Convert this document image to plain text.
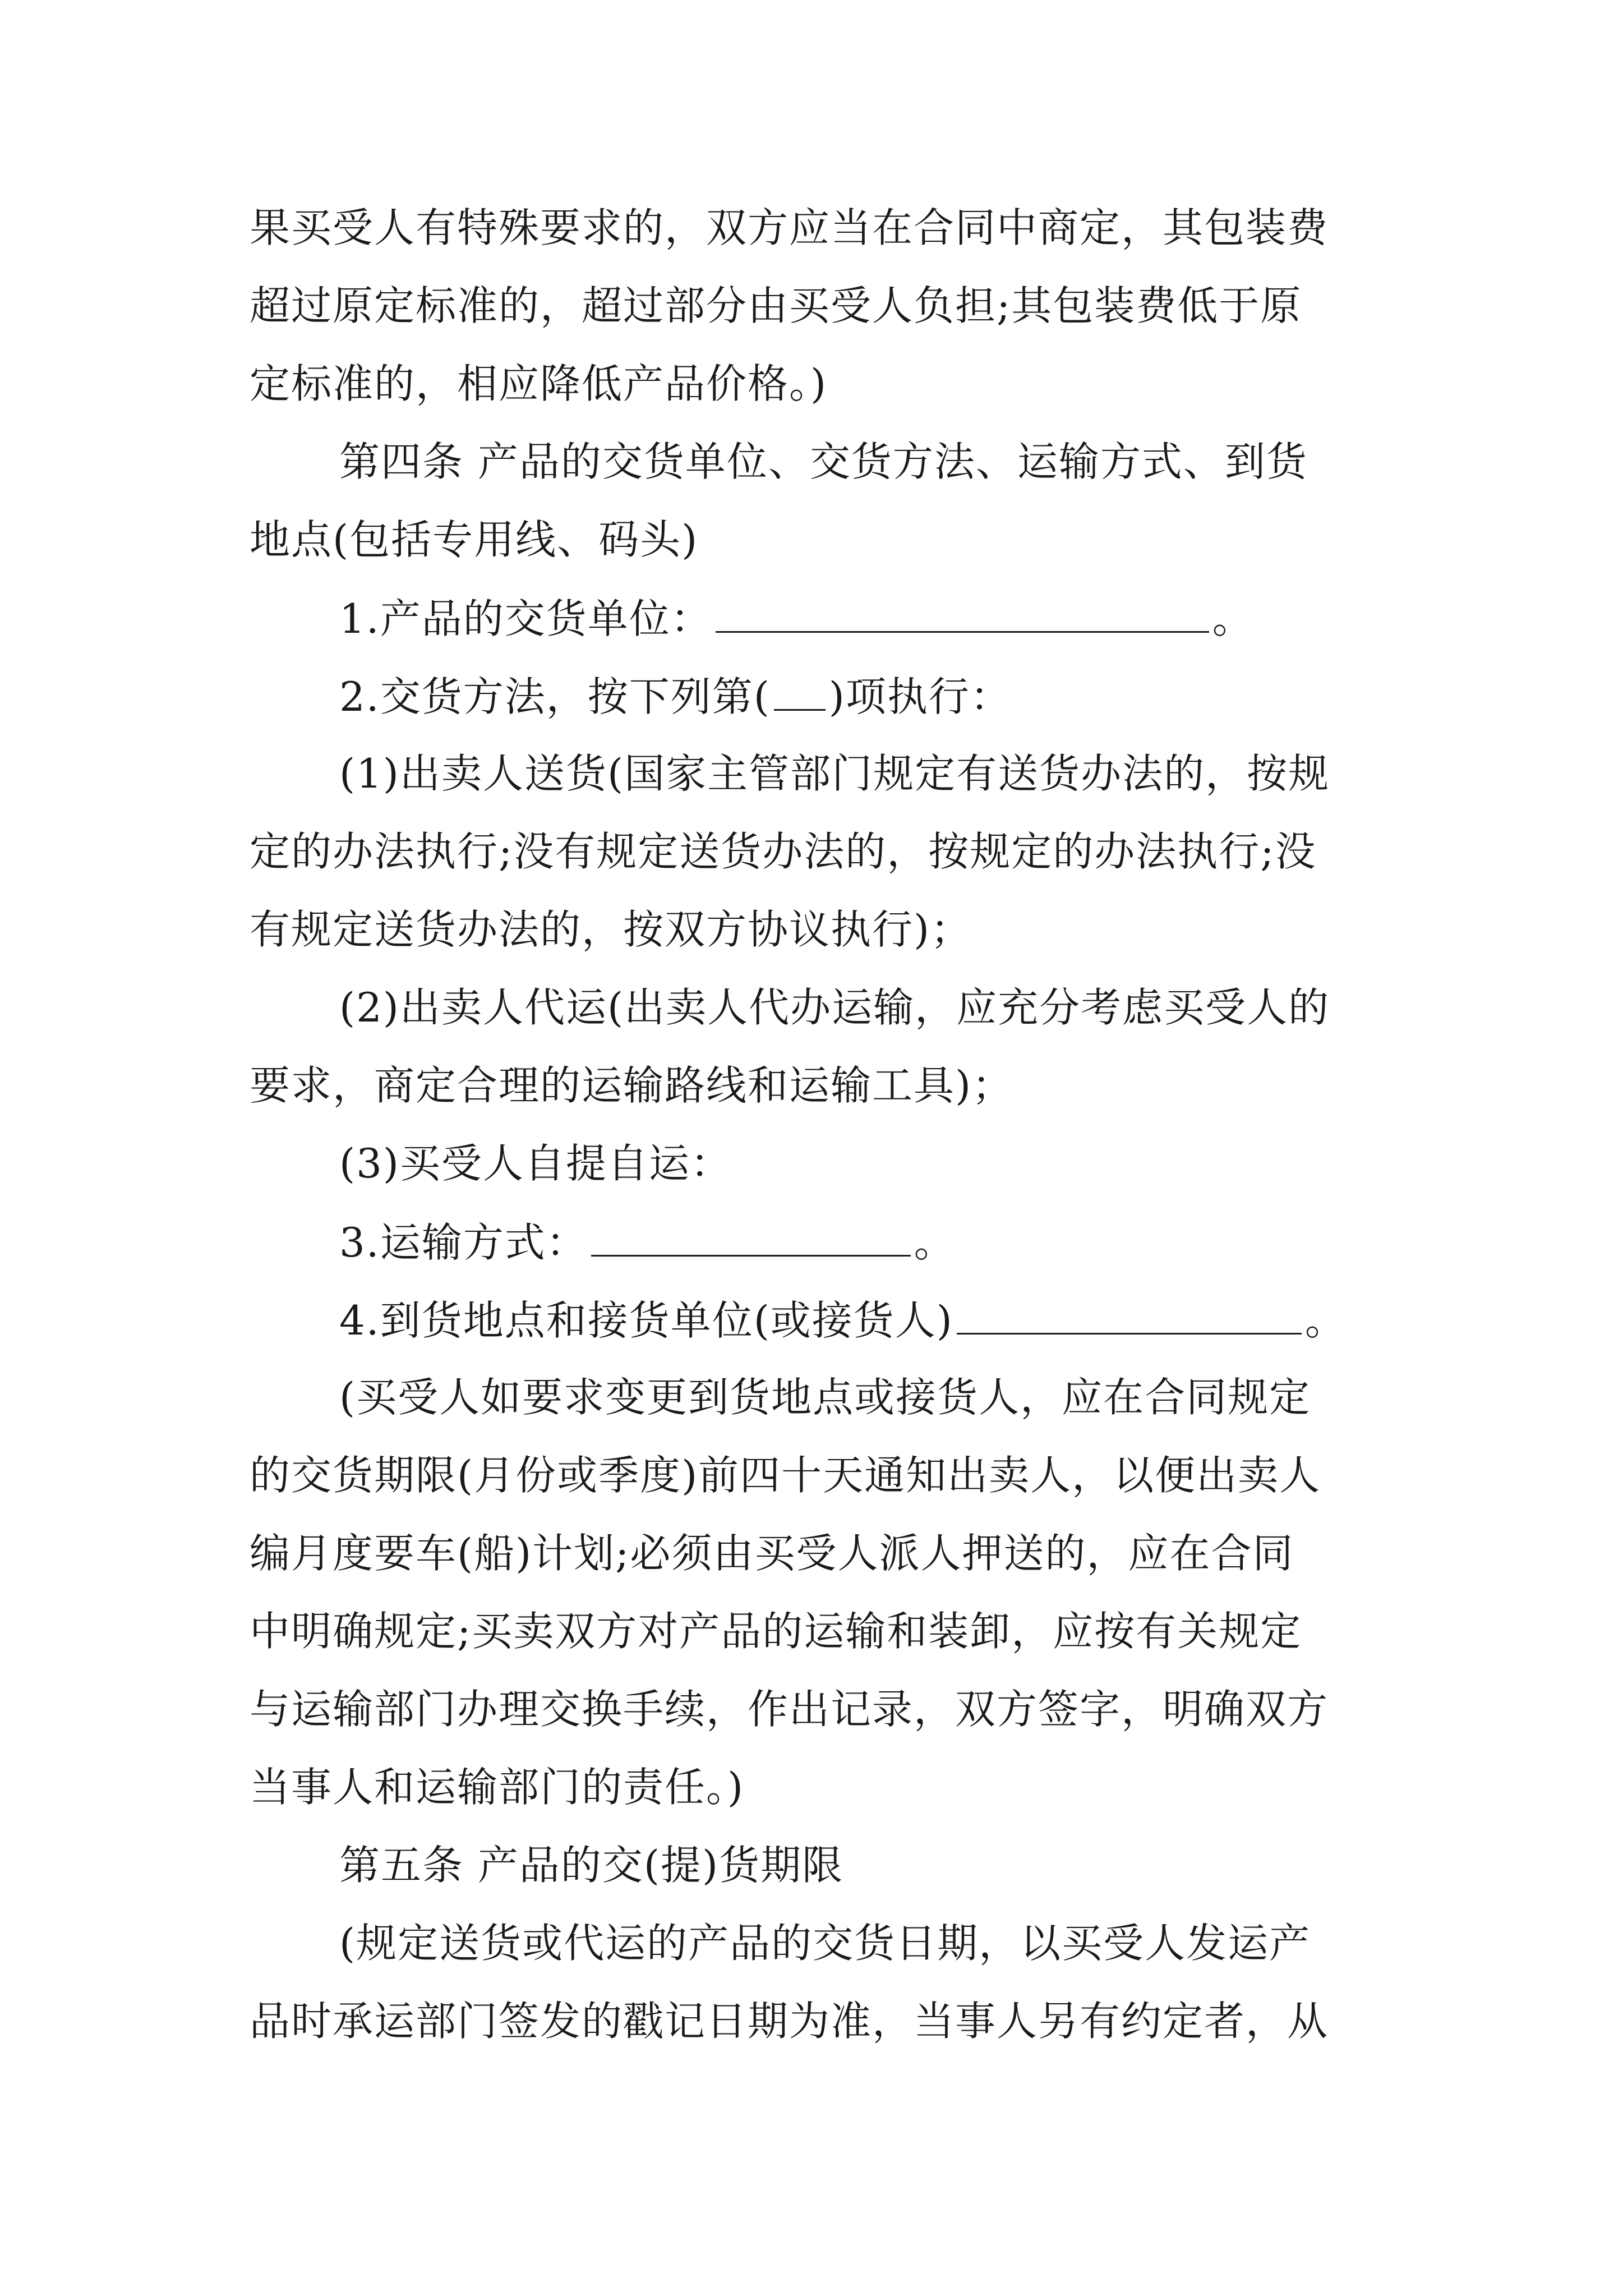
果买受人有特殊要求的，双方应当在合同中商定，其包装费
超过原定标准的，超过部分由买受人负担;其包装费低于原
定标准的，相应降低产品价格。)
第四条 产品的交货单位、交货方法、运输方式、到货
地点(包括专用线、码头)
1.产品的交货单位：	。
2.交货方法，按下列第( )项执行：
(1)出卖人送货(国家主管部门规定有送货办法的，按规
定的办法执行;没有规定送货办法的，按规定的办法执行;没
有规定送货办法的，按双方协议执行)；
(2)出卖人代运(出卖人代办运输，应充分考虑买受人的
要求，商定合理的运输路线和运输工具)；
(3)买受人自提自运：
3.运输方式：	。
4.到货地点和接货单位(或接货人)	。
(买受人如要求变更到货地点或接货人，应在合同规定
的交货期限(月份或季度)前四十天通知出卖人，以便出卖人
编月度要车(船)计划;必须由买受人派人押送的，应在合同
中明确规定;买卖双方对产品的运输和装卸，应按有关规定
与运输部门办理交换手续，作出记录，双方签字，明确双方
当事人和运输部门的责任。)
第五条 产品的交(提)货期限
(规定送货或代运的产品的交货日期，以买受人发运产
品时承运部门签发的戳记日期为准，当事人另有约定者，从
